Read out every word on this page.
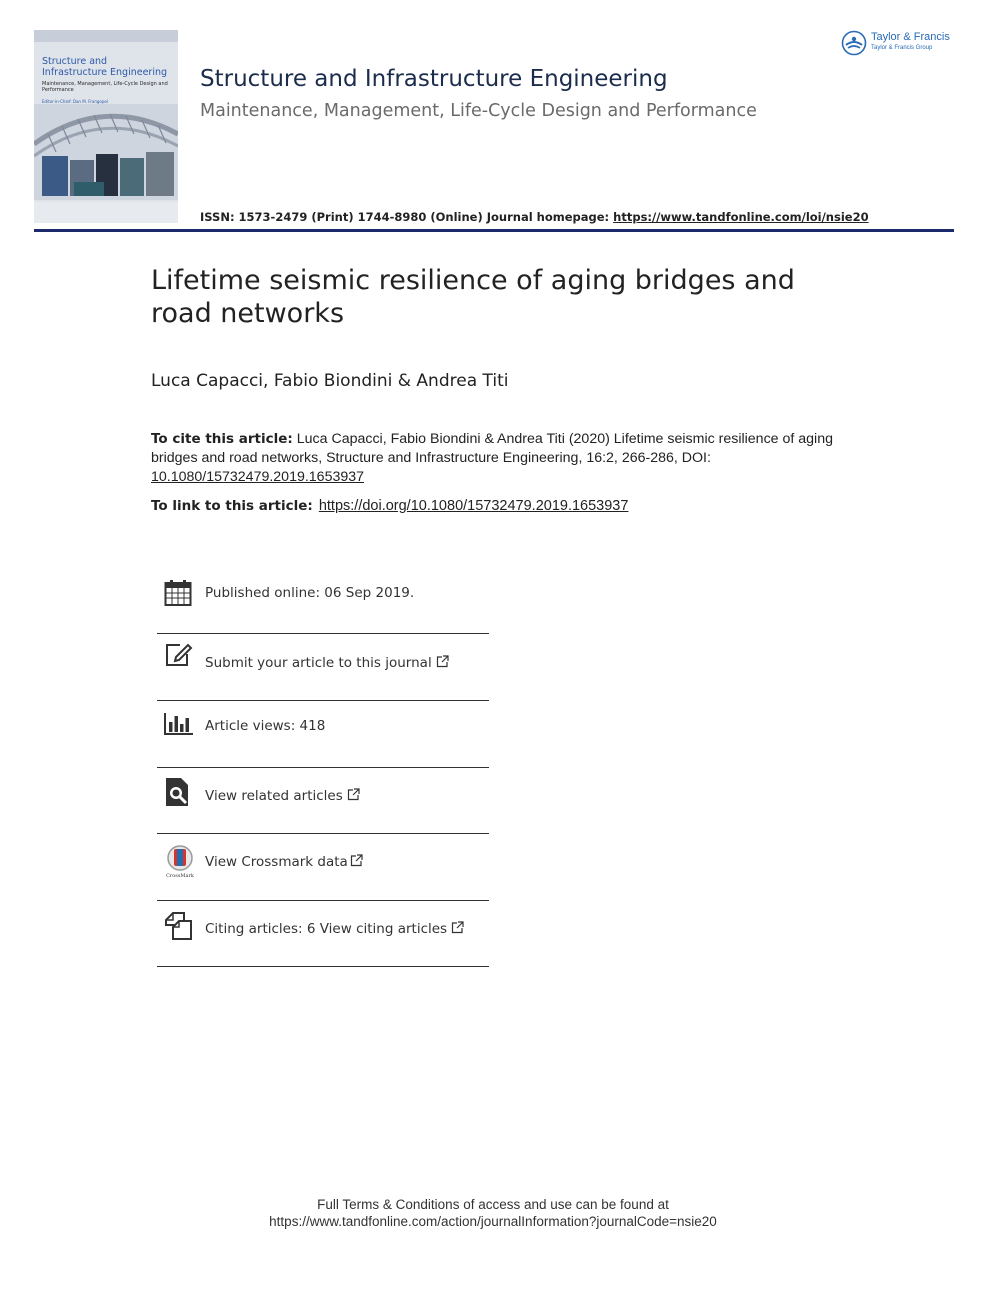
Structure and Infrastructure Engineering
Maintenance, Management, Life-Cycle Design and Performance
Editor-in-Chief: Dan M. Frangopol
Taylor & Francis
Taylor & Francis Group
Structure and Infrastructure Engineering
Maintenance, Management, Life-Cycle Design and Performance
ISSN: 1573-2479 (Print) 1744-8980 (Online) Journal homepage: https://www.tandfonline.com/loi/nsie20
Lifetime seismic resilience of aging bridges and road networks
Luca Capacci, Fabio Biondini & Andrea Titi
To cite this article: Luca Capacci, Fabio Biondini & Andrea Titi (2020) Lifetime seismic resilience of aging bridges and road networks, Structure and Infrastructure Engineering, 16:2, 266-286, DOI: 10.1080/15732479.2019.1653937
To link to this article: https://doi.org/10.1080/15732479.2019.1653937
Published online: 06 Sep 2019.
Submit your article to this journal
Article views: 418
View related articles
CrossMark
View Crossmark data
Citing articles: 6 View citing articles
Full Terms & Conditions of access and use can be found at
https://www.tandfonline.com/action/journalInformation?journalCode=nsie20
